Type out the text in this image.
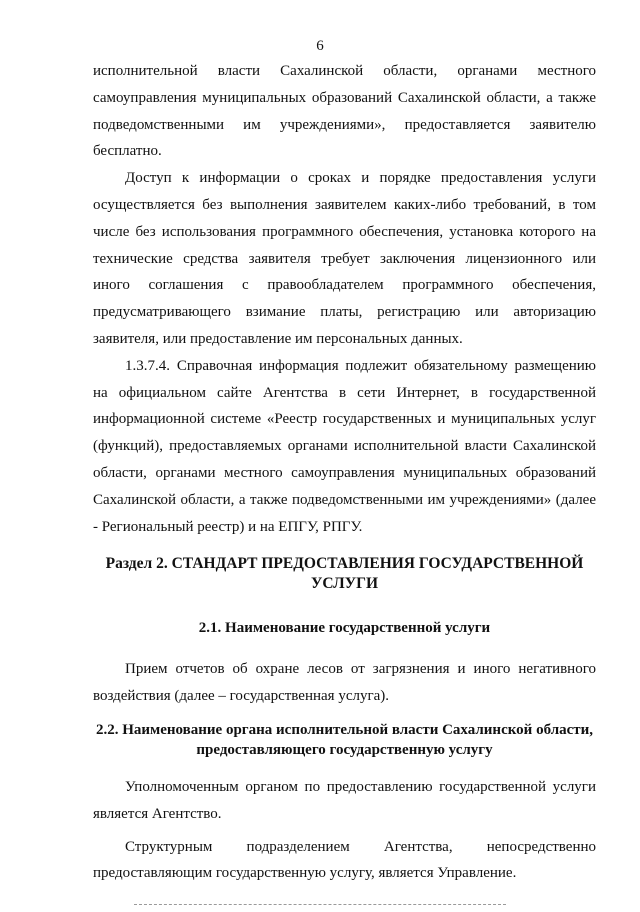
6

исполнительной власти Сахалинской области, органами местного самоуправления муниципальных образований Сахалинской области, а также подведомственными им учреждениями», предоставляется заявителю бесплатно.

Доступ к информации о сроках и порядке предоставления услуги осуществляется без выполнения заявителем каких-либо требований, в том числе без использования программного обеспечения, установка которого на технические средства заявителя требует заключения лицензионного или иного соглашения с правообладателем программного обеспечения, предусматривающего взимание платы, регистрацию или авторизацию заявителя, или предоставление им персональных данных.

1.3.7.4. Справочная информация подлежит обязательному размещению на официальном сайте Агентства в сети Интернет, в государственной информационной системе «Реестр государственных и муниципальных услуг (функций), предоставляемых органами исполнительной власти Сахалинской области, органами местного самоуправления муниципальных образований Сахалинской области, а также подведомственными им учреждениями» (далее - Региональный реестр) и на ЕПГУ, РПГУ.

Раздел 2. СТАНДАРТ ПРЕДОСТАВЛЕНИЯ ГОСУДАРСТВЕННОЙ УСЛУГИ
2.1. Наименование государственной услуги

Прием отчетов об охране лесов от загрязнения и иного негативного воздействия (далее – государственная услуга).

2.2. Наименование органа исполнительной власти Сахалинской области, предоставляющего государственную услугу

Уполномоченным органом по предоставлению государственной услуги является Агентство.

Структурным подразделением Агентства, непосредственно предоставляющим государственную услугу, является Управление.
